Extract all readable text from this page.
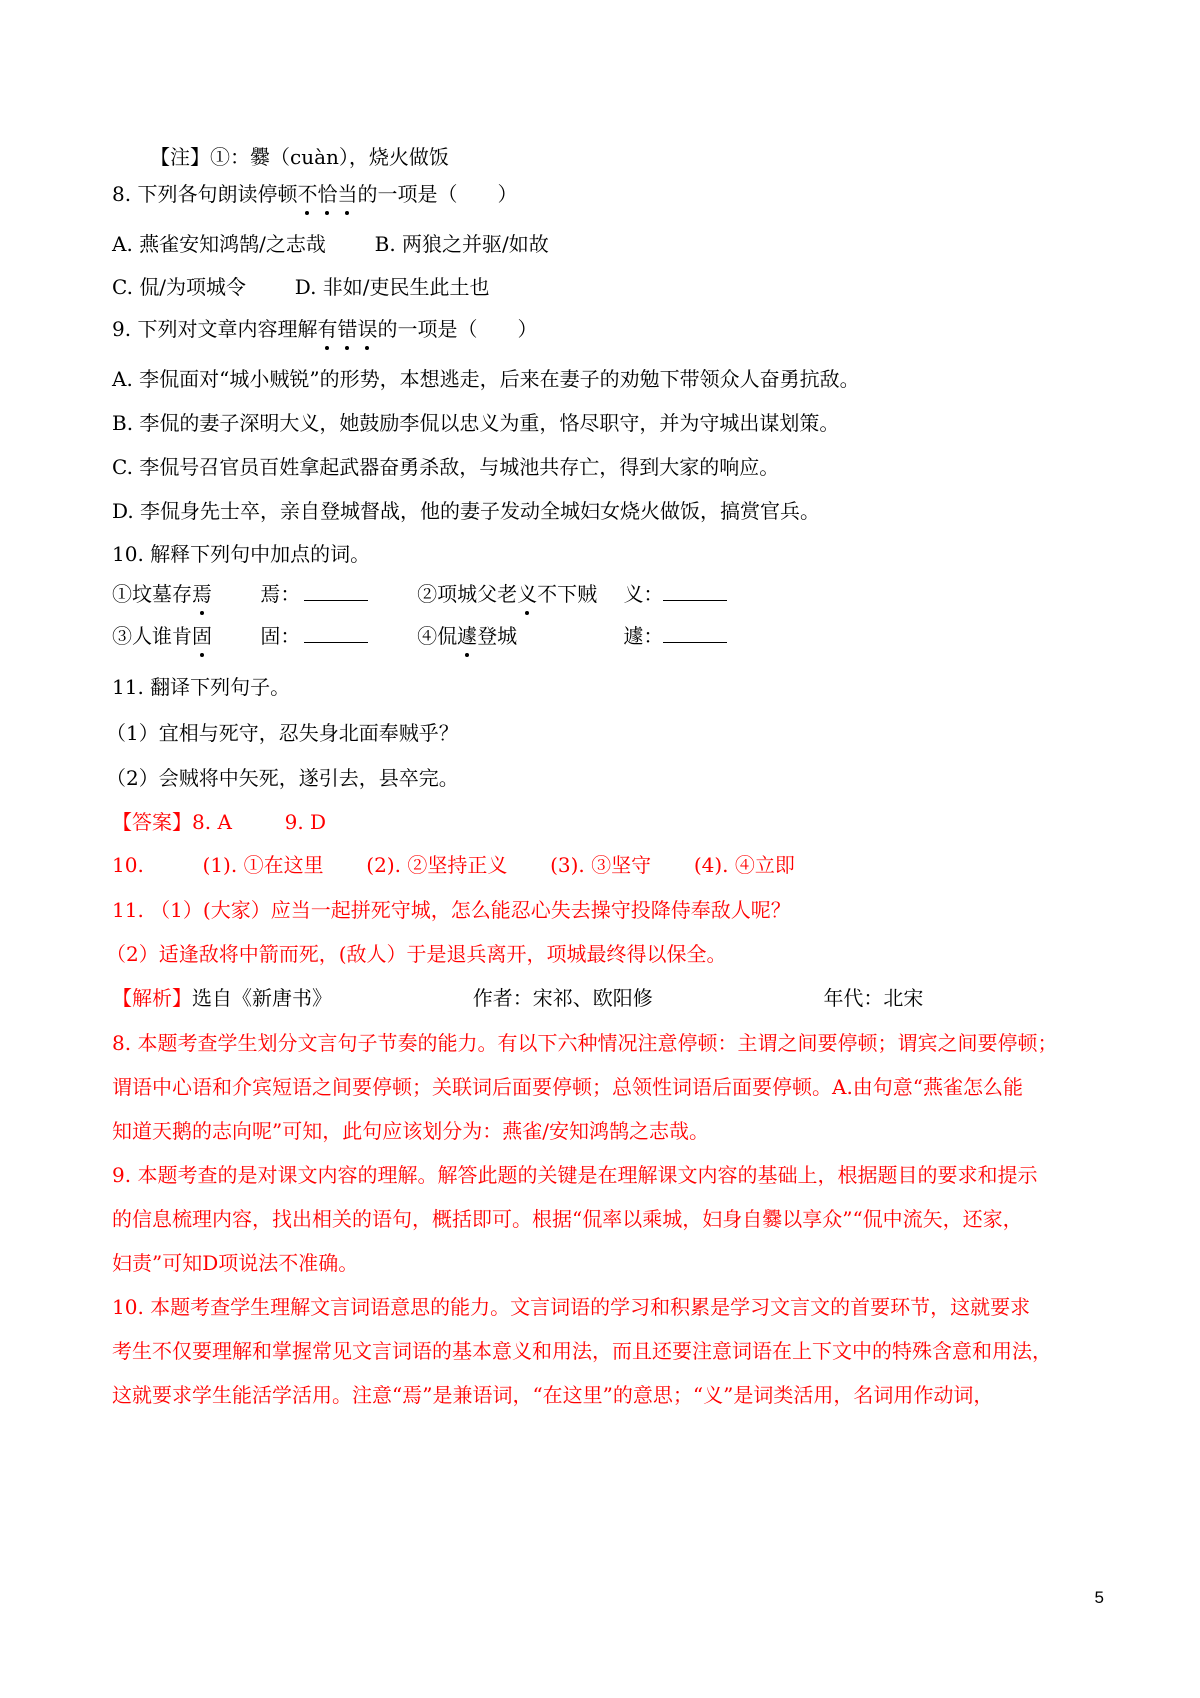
【注】①：爨（cuàn），烧火做饭
8. 下列各句朗读停顿不恰当的一项是（　　）
A. 燕雀安知鸿鹄/之志哉 B. 两狼之并驱/如故
C. 侃/为项城令 D. 非如/吏民生此土也
9. 下列对文章内容理解有错误的一项是（　　）
A. 李侃面对“城小贼锐”的形势，本想逃走，后来在妻子的劝勉下带领众人奋勇抗敌。
B. 李侃的妻子深明大义，她鼓励李侃以忠义为重，恪尽职守，并为守城出谋划策。
C. 李侃号召官员百姓拿起武器奋勇杀敌，与城池共存亡，得到大家的响应。
D. 李侃身先士卒，亲自登城督战，他的妻子发动全城妇女烧火做饭，搞赏官兵。
10. 解释下列句中加点的词。
①坟墓存焉 焉：	②项城父老义不下贼 义：
③人谁肯固 固：	④侃遽登城	遽：
11. 翻译下列句子。
（1）宜相与死守，忍失身北面奉贼乎？
（2）会贼将中矢死，遂引去，县卒完。
【答案】8. A	9. D
10.	(1). ①在这里 (2). ②坚持正义 (3). ③坚守 (4). ④立即
11. （1）(大家）应当一起拼死守城，怎么能忍心失去操守投降侍奉敌人呢？
（2）适逢敌将中箭而死，(敌人）于是退兵离开，项城最终得以保全。
【解析】选自《新唐书》	作者：宋祁、欧阳修	年代：北宋
8. 本题考查学生划分文言句子节奏的能力。有以下六种情况注意停顿：主谓之间要停顿；谓宾之间要停顿；
谓语中心语和介宾短语之间要停顿；关联词后面要停顿；总领性词语后面要停顿。A.由句意“燕雀怎么能
知道天鹅的志向呢”可知，此句应该划分为：燕雀/安知鸿鹄之志哉。
9. 本题考查的是对课文内容的理解。解答此题的关键是在理解课文内容的基础上，根据题目的要求和提示
的信息梳理内容，找出相关的语句，概括即可。根据“侃率以乘城，妇身自爨以享众”“侃中流矢，还家，
妇责”可知D项说法不准确。
10. 本题考查学生理解文言词语意思的能力。文言词语的学习和积累是学习文言文的首要环节，这就要求
考生不仅要理解和掌握常见文言词语的基本意义和用法，而且还要注意词语在上下文中的特殊含意和用法，
这就要求学生能活学活用。注意“焉”是兼语词，“在这里”的意思；“义”是词类活用，名词用作动词，
5
